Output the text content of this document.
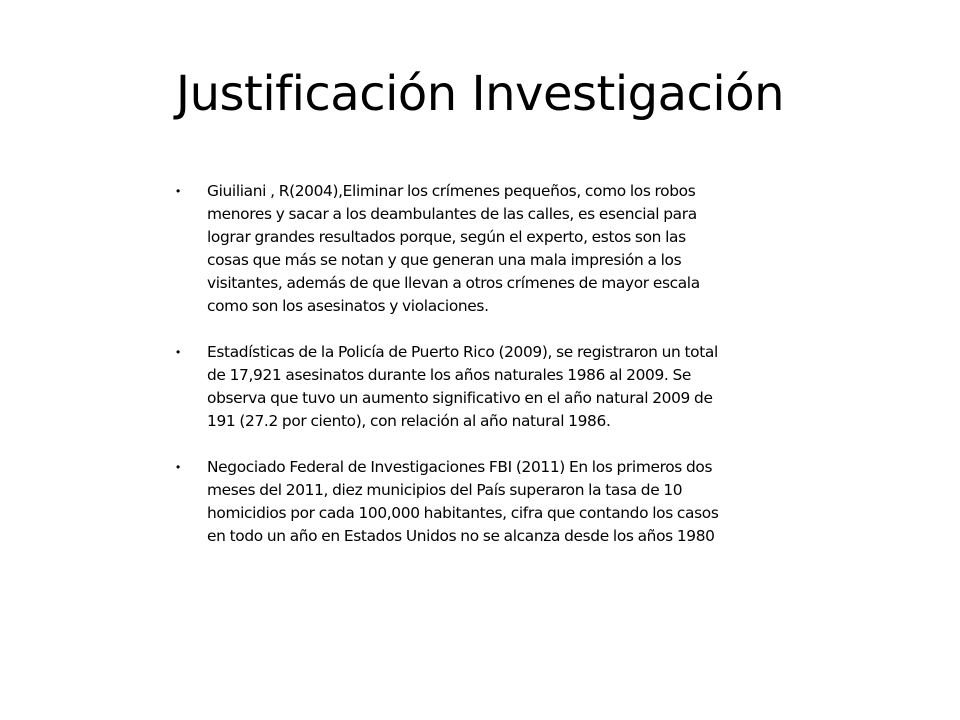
Justificación Investigación
• Giuiliani , R(2004),Eliminar los crímenes pequeños, como los robos
menores y sacar a los deambulantes de las calles, es esencial para
lograr grandes resultados porque, según el experto, estos son las
cosas que más se notan y que generan una mala impresión a los
visitantes, además de que llevan a otros crímenes de mayor escala
como son los asesinatos y violaciones.
• Estadísticas de la Policía de Puerto Rico (2009), se registraron un total
de 17,921 asesinatos durante los años naturales 1986 al 2009. Se
observa que tuvo un aumento significativo en el año natural 2009 de
191 (27.2 por ciento), con relación al año natural 1986.
• Negociado Federal de Investigaciones FBI (2011) En los primeros dos
meses del 2011, diez municipios del País superaron la tasa de 10
homicidios por cada 100,000 habitantes, cifra que contando los casos
en todo un año en Estados Unidos no se alcanza desde los años 1980
